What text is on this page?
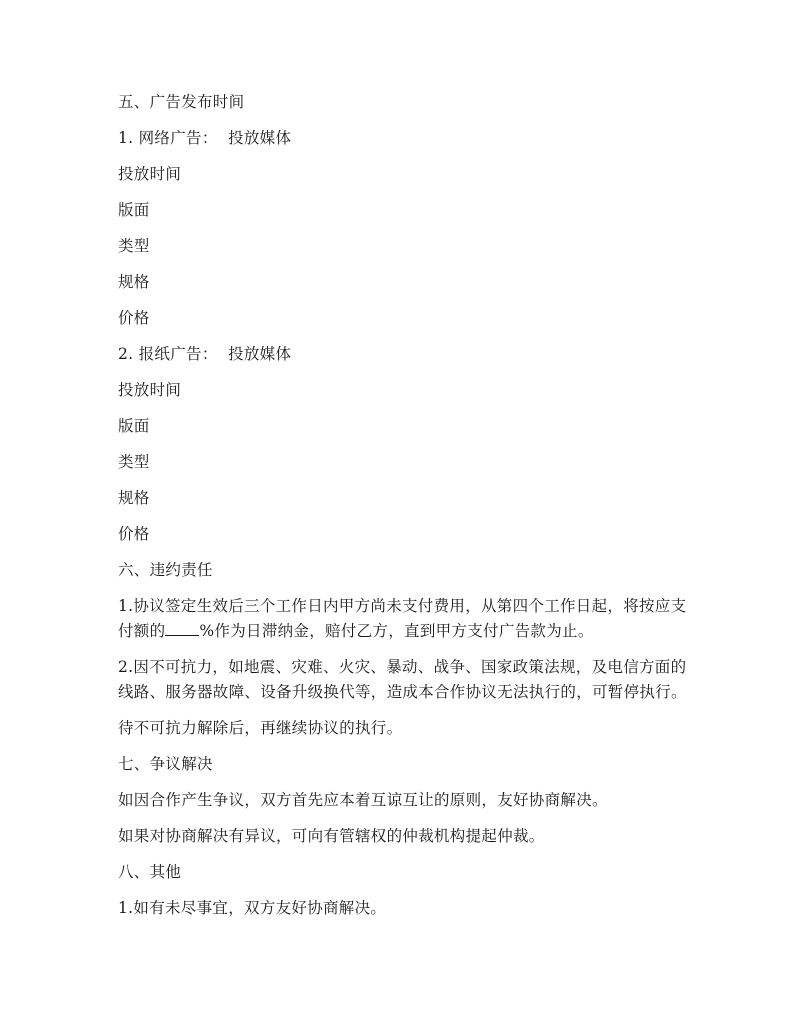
五、广告发布时间

1. 网络广告：  投放媒体

投放时间

版面

类型

规格

价格

2. 报纸广告：  投放媒体

投放时间

版面

类型

规格

价格

六、违约责任

1.协议签定生效后三个工作日内甲方尚未支付费用，从第四个工作日起，将按应支付额的 %作为日滞纳金，赔付乙方，直到甲方支付广告款为止。

2.因不可抗力，如地震、灾难、火灾、暴动、战争、国家政策法规，及电信方面的线路、服务器故障、设备升级换代等，造成本合作协议无法执行的，可暂停执行。

待不可抗力解除后，再继续协议的执行。

七、争议解决

如因合作产生争议，双方首先应本着互谅互让的原则，友好协商解决。

如果对协商解决有异议，可向有管辖权的仲裁机构提起仲裁。

八、其他

1.如有未尽事宜，双方友好协商解决。
